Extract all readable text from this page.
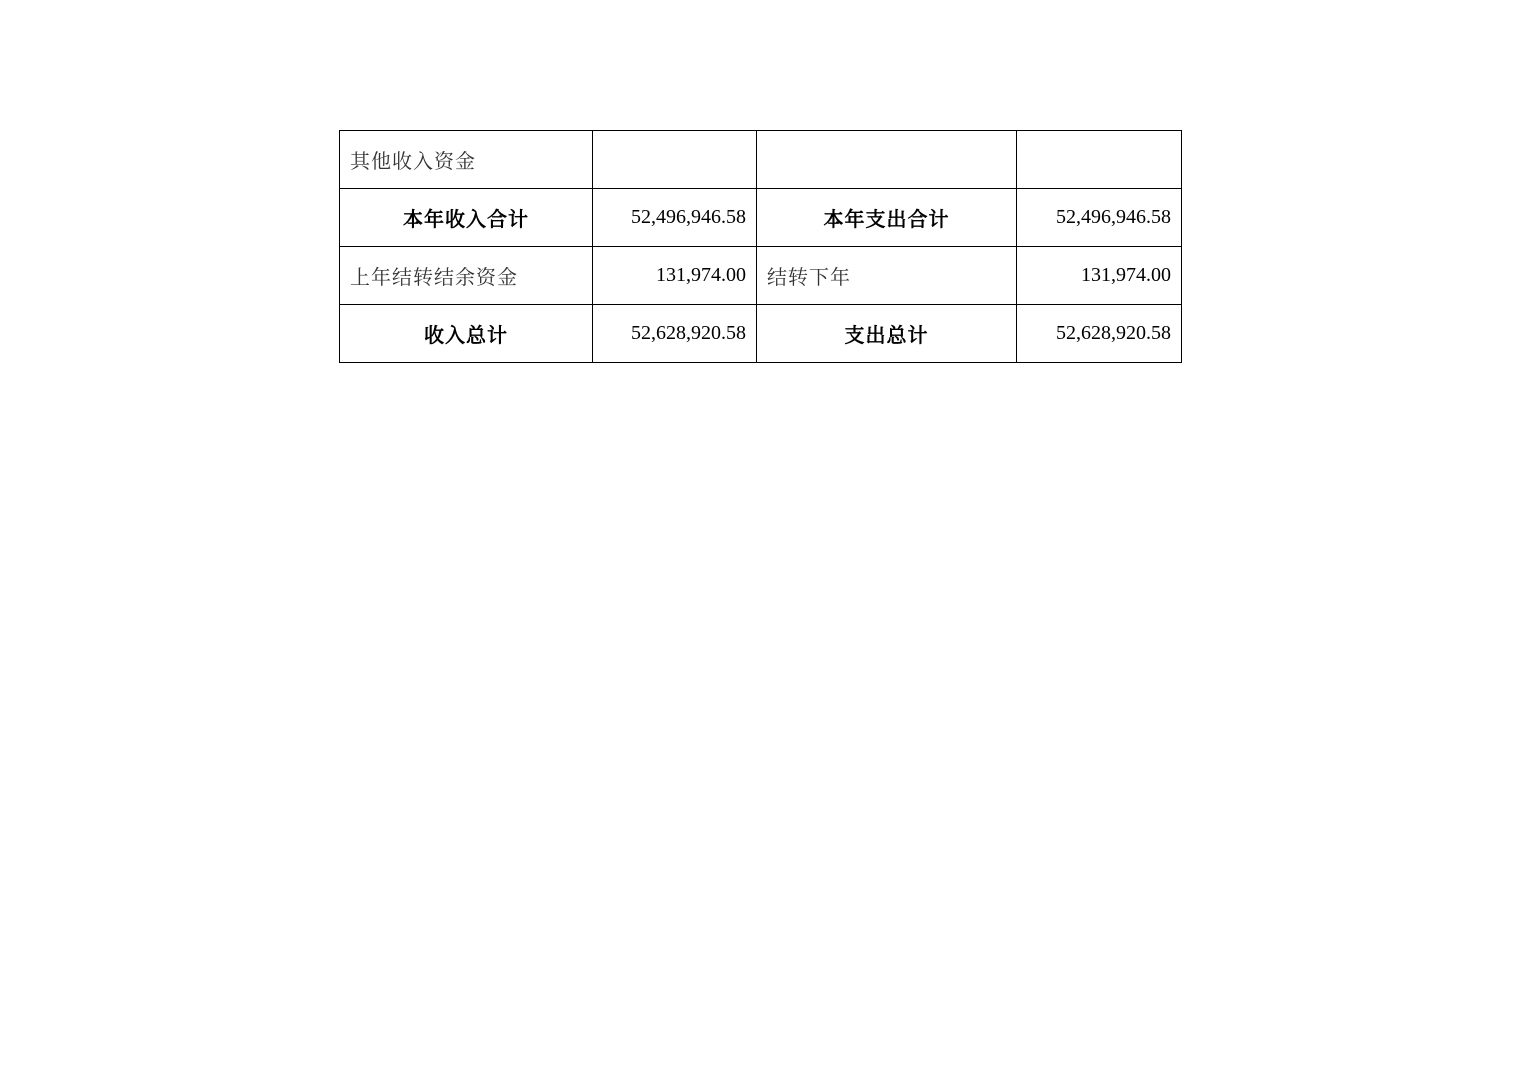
其他收入资金			
本年收入合计	52,496,946.58	本年支出合计	52,496,946.58
上年结转结余资金	131,974.00	结转下年	131,974.00
收入总计	52,628,920.58	支出总计	52,628,920.58
